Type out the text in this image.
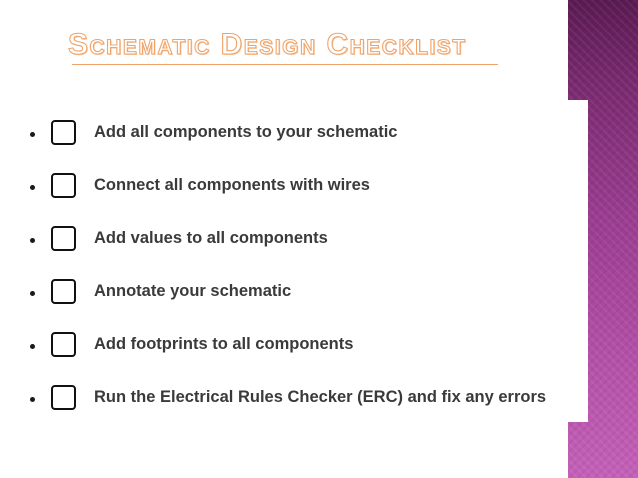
Schematic Design Checklist
Add all components to your schematic
Connect all components with wires
Add values to all components
Annotate your schematic
Add footprints to all components
Run the Electrical Rules Checker (ERC) and fix any errors
